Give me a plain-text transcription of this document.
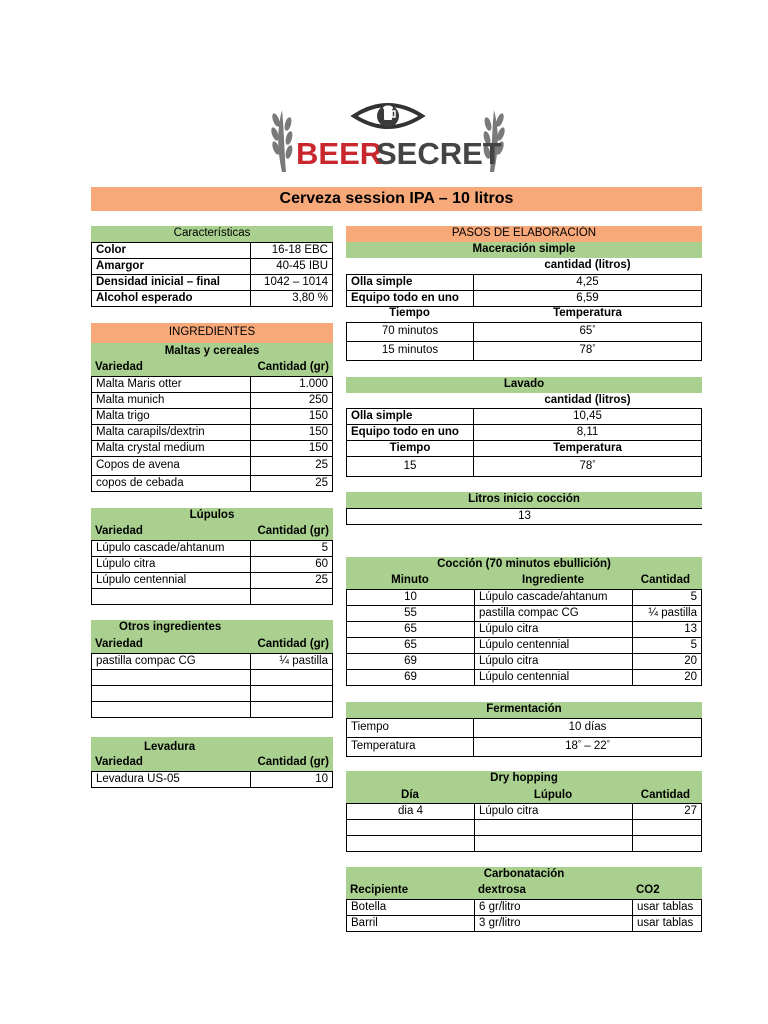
BEER
SECRET
Cerveza session IPA – 10 litros
Características
Color	16-18 EBC
Amargor	40-45 IBU
Densidad inicial – final	1042 – 1014
Alcohol esperado	3,80 %
INGREDIENTES
Maltas y cereales
Variedad	Cantidad (gr)
Malta Maris otter	1.000
Malta munich	250
Malta trigo	150
Malta carapils/dextrin	150
Malta crystal medium	150
Copos de avena	25
copos de cebada	25
Lúpulos
Variedad	Cantidad (gr)
Lúpulo cascade/ahtanum	5
Lúpulo citra	60
Lúpulo centennial	25
Otros ingredientes
Variedad	Cantidad (gr)
pastilla compac CG	¼ pastilla
Levadura
Variedad	Cantidad (gr)
Levadura US-05	10
PASOS DE ELABORACIÓN
Maceración simple
cantidad (litros)
Olla simple	4,25
Equipo todo en uno	6,59
Tiempo	Temperatura
70 minutos	65°
15 minutos	78°
Lavado
cantidad (litros)
Olla simple	10,45
Equipo todo en uno	8,11
Tiempo	Temperatura
15	78°
Litros inicio cocción
13
Cocción (70 minutos ebullición)
Minuto	Ingrediente	Cantidad
10	Lúpulo cascade/ahtanum	5
55	pastilla compac CG	¼ pastilla
65	Lúpulo citra	13
65	Lúpulo centennial	5
69	Lúpulo citra	20
69	Lúpulo centennial	20
Fermentación
Tiempo	10 días
Temperatura	18° – 22°
Dry hopping
Día	Lúpulo	Cantidad
dia 4	Lúpulo citra	27
Carbonatación
Recipiente	dextrosa	CO2
Botella	6 gr/litro	usar tablas
Barril	3 gr/litro	usar tablas
